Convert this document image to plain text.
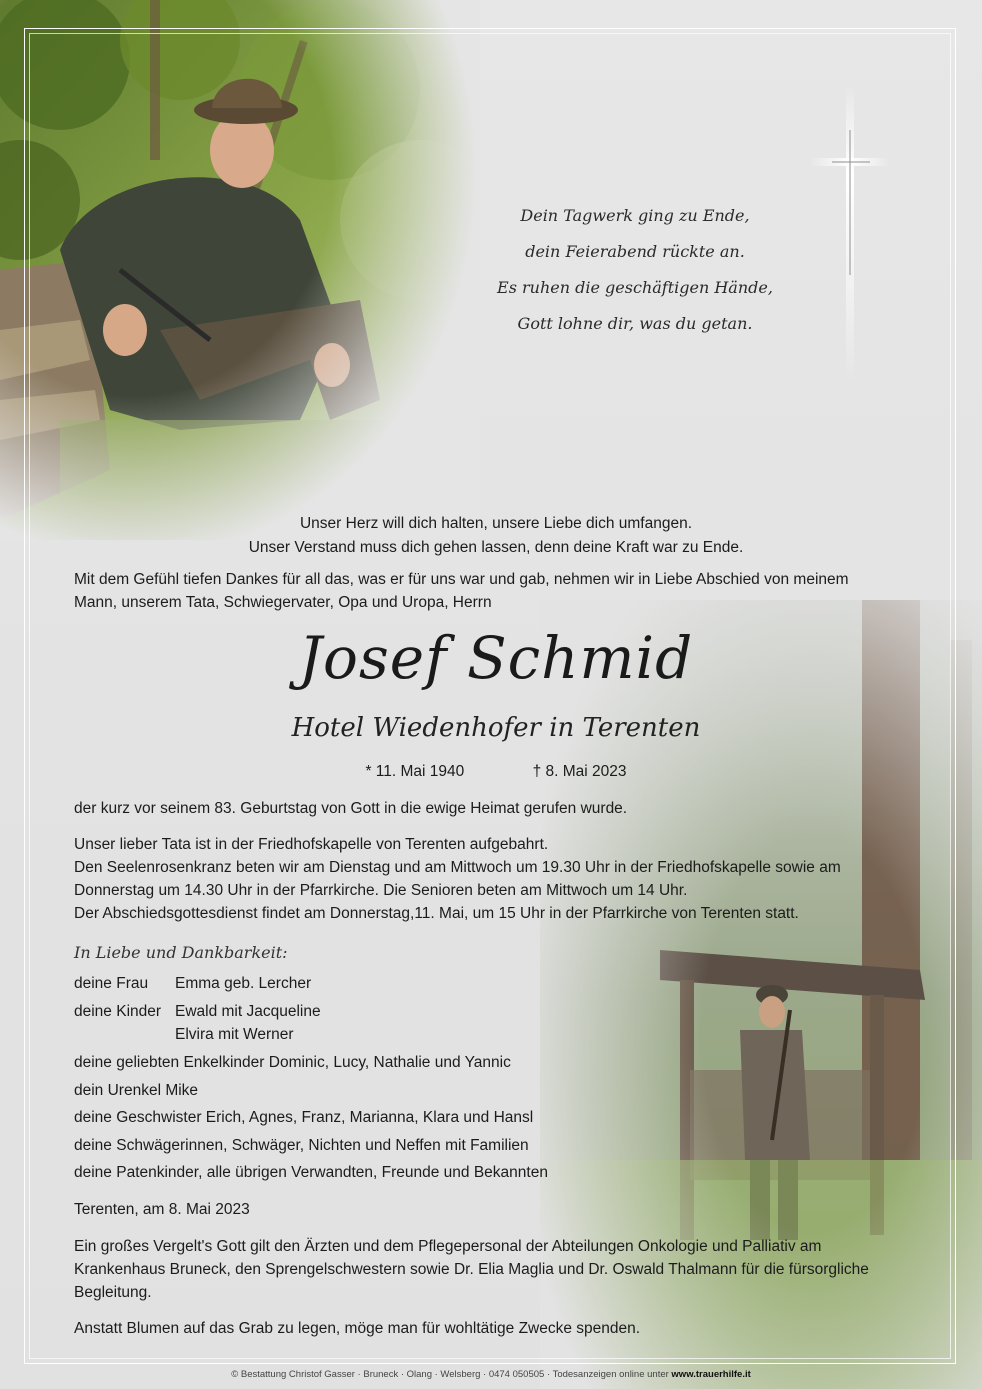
Dein Tagwerk ging zu Ende,
dein Feierabend rückte an.
Es ruhen die geschäftigen Hände,
Gott lohne dir, was du getan.
Unser Herz will dich halten, unsere Liebe dich umfangen.
Unser Verstand muss dich gehen lassen, denn deine Kraft war zu Ende.
Mit dem Gefühl tiefen Dankes für all das, was er für uns war und gab, nehmen wir in Liebe Abschied von meinem
Mann, unserem Tata, Schwiegervater, Opa und Uropa, Herrn
Josef Schmid
Hotel Wiedenhofer in Terenten
* 11. Mai 1940	† 8. Mai 2023
der kurz vor seinem 83. Geburtstag von Gott in die ewige Heimat gerufen wurde.
Unser lieber Tata ist in der Friedhofskapelle von Terenten aufgebahrt.
Den Seelenrosenkranz beten wir am Dienstag und am Mittwoch um 19.30 Uhr in der Friedhofskapelle sowie am
Donnerstag um 14.30 Uhr in der Pfarrkirche. Die Senioren beten am Mittwoch um 14 Uhr.
Der Abschiedsgottesdienst findet am Donnerstag,11. Mai, um 15 Uhr in der Pfarrkirche von Terenten statt.
In Liebe und Dankbarkeit:
deine Frau Emma geb. Lercher
deine Kinder Ewald mit Jacqueline
Elvira mit Werner
deine geliebten Enkelkinder Dominic, Lucy, Nathalie und Yannic
dein Urenkel Mike
deine Geschwister Erich, Agnes, Franz, Marianna, Klara und Hansl
deine Schwägerinnen, Schwäger, Nichten und Neffen mit Familien
deine Patenkinder, alle übrigen Verwandten, Freunde und Bekannten
Terenten, am 8. Mai 2023
Ein großes Vergelt's Gott gilt den Ärzten und dem Pflegepersonal der Abteilungen Onkologie und Palliativ am
Krankenhaus Bruneck, den Sprengelschwestern sowie Dr. Elia Maglia und Dr. Oswald Thalmann für die fürsorgliche
Begleitung.
Anstatt Blumen auf das Grab zu legen, möge man für wohltätige Zwecke spenden.
© Bestattung Christof Gasser · Bruneck · Olang · Welsberg · 0474 050505 · Todesanzeigen online unter www.trauerhilfe.it
